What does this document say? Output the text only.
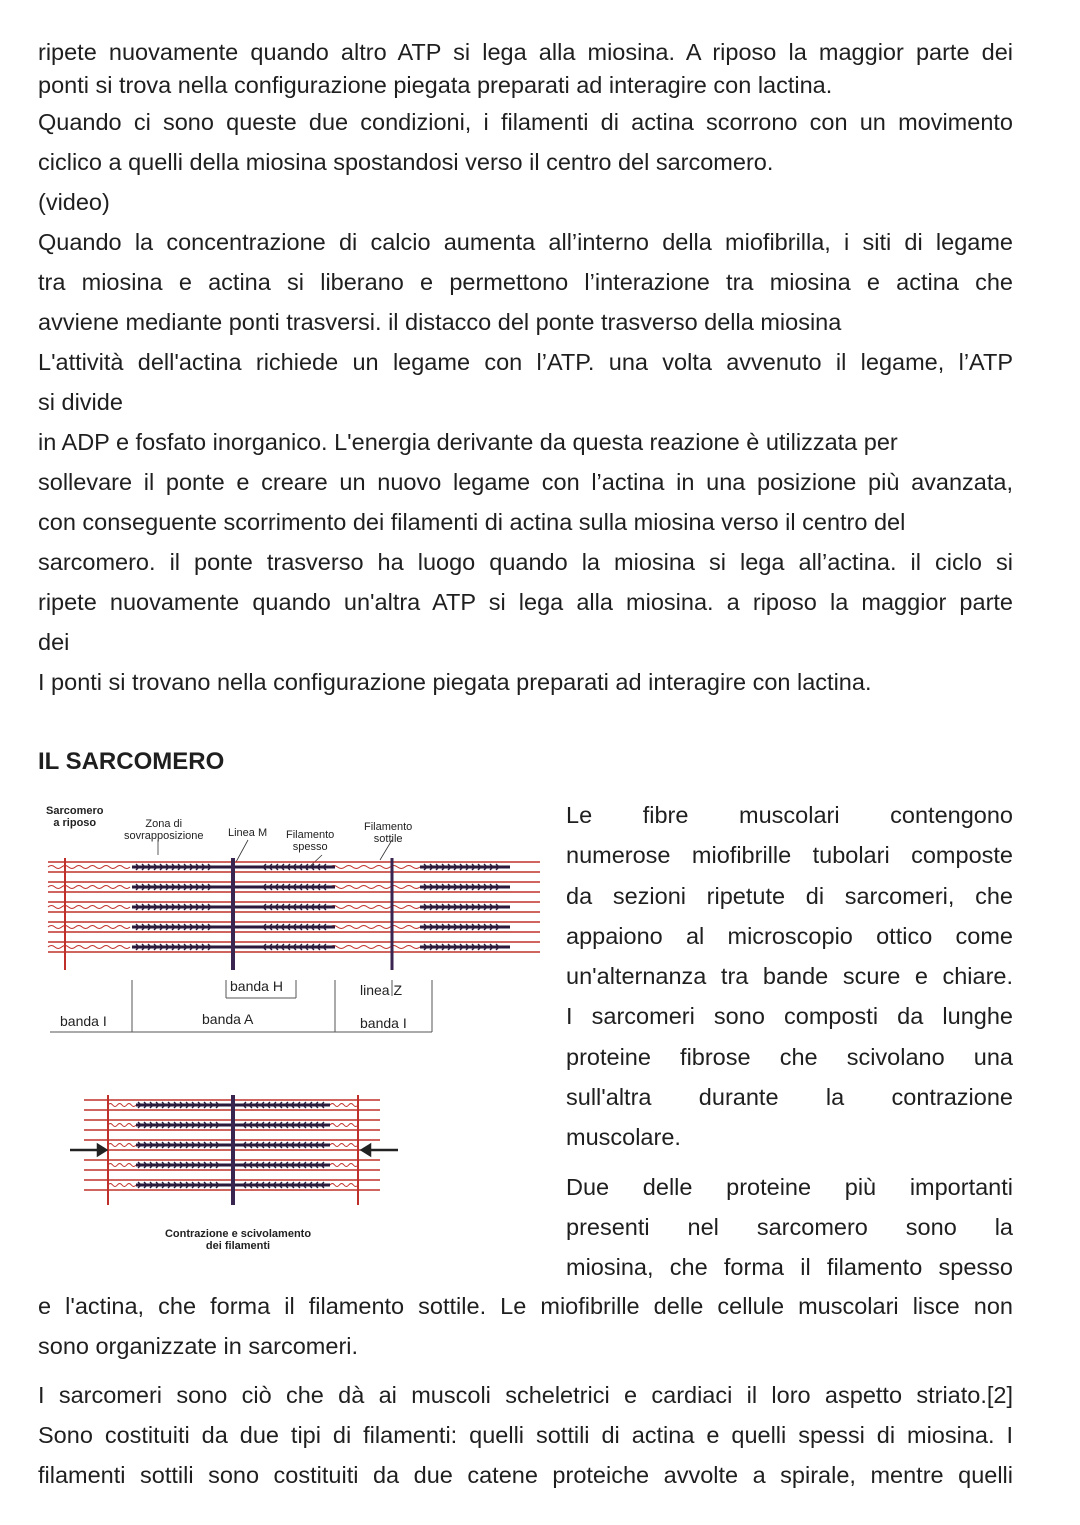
ripete nuovamente quando altro ATP si lega alla miosina. A riposo la maggior parte dei
ponti si trova nella configurazione piegata preparati ad interagire con lactina.

Quando ci sono queste due condizioni, i filamenti di actina scorrono con un movimento
ciclico a quelli della miosina spostandosi verso il centro del sarcomero.
(video)
Quando la concentrazione di calcio aumenta all’interno della miofibrilla, i siti di legame
tra miosina e actina si liberano e permettono l’interazione tra miosina e actina che
avviene mediante ponti trasversi. il distacco del ponte trasverso della miosina
L'attività dell'actina richiede un legame con l’ATP. una volta avvenuto il legame, l’ATP
si divide
in ADP e fosfato inorganico. L'energia derivante da questa reazione è utilizzata per
sollevare il ponte e creare un nuovo legame con l’actina in una posizione più avanzata,
con conseguente scorrimento dei filamenti di actina sulla miosina verso il centro del
sarcomero. il ponte trasverso ha luogo quando la miosina si lega all’actina. il ciclo si
ripete nuovamente quando un'altra ATP si lega alla miosina. a riposo la maggior parte
dei
I ponti si trovano nella configurazione piegata preparati ad interagire con lactina.

IL SARCOMERO
Sarcomero
a riposo	Zona di
sovrapposizione Linea M Filamento
spesso
Filamento
sottile
banda H	linea Z
banda I	banda A	banda I
Contrazione e scivolamento
dei filamenti

Le fibre muscolari contengono
numerose miofibrille tubolari composte
da sezioni ripetute di sarcomeri, che
appaiono al microscopio ottico come
un'alternanza tra bande scure e chiare.
I sarcomeri sono composti da lunghe
proteine fibrose che scivolano una
sull'altra durante la contrazione
muscolare.

Due delle proteine più importanti
presenti nel sarcomero sono la
miosina, che forma il filamento spesso

e l'actina, che forma il filamento sottile. Le miofibrille delle cellule muscolari lisce non
sono organizzate in sarcomeri.

I sarcomeri sono ciò che dà ai muscoli scheletrici e cardiaci il loro aspetto striato.[2]
Sono costituiti da due tipi di filamenti: quelli sottili di actina e quelli spessi di miosina. I
filamenti sottili sono costituiti da due catene proteiche avvolte a spirale, mentre quelli
